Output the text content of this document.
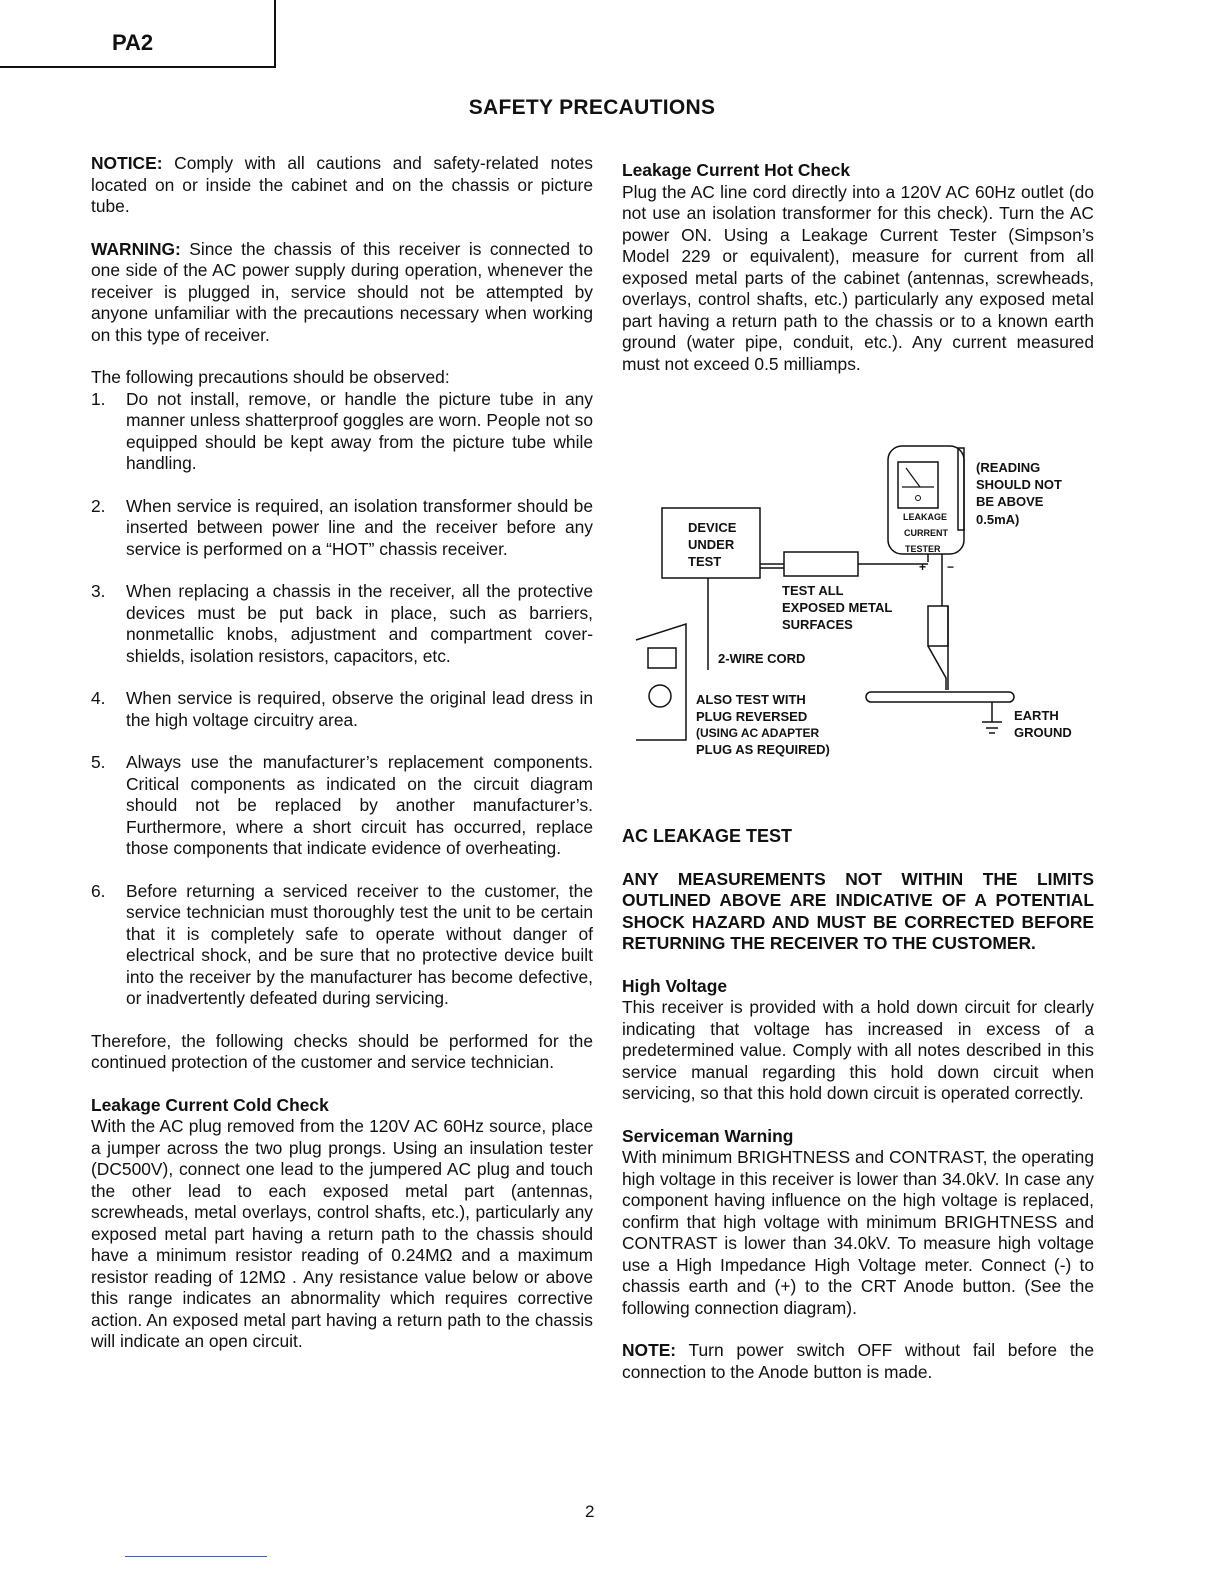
PA2
SAFETY PRECAUTIONS

NOTICE: Comply with all cautions and safety-related notes located on or inside the cabinet and on the chassis or picture tube.

WARNING: Since the chassis of this receiver is connected to one side of the AC power supply during operation, whenever the receiver is plugged in, service should not be attempted by anyone unfamiliar with the precautions necessary when working on this type of receiver.

The following precautions should be observed:

1. Do not install, remove, or handle the picture tube in any manner unless shatterproof goggles are worn. People not so equipped should be kept away from the picture tube while handling.
2. When service is required, an isolation transformer should be inserted between power line and the receiver before any service is performed on a “HOT” chassis receiver.
3. When replacing a chassis in the receiver, all the protective devices must be put back in place, such as barriers, nonmetallic knobs, adjustment and compartment cover-shields, isolation resistors, capacitors, etc.
4. When service is required, observe the original lead dress in the high voltage circuitry area.
5. Always use the manufacturer’s replacement components. Critical components as indicated on the circuit diagram should not be replaced by another manufacturer’s. Furthermore, where a short circuit has occurred, replace those components that indicate evidence of overheating.
6. Before returning a serviced receiver to the customer, the service technician must thoroughly test the unit to be certain that it is completely safe to operate without danger of electrical shock, and be sure that no protective device built into the receiver by the manufacturer has become defective, or inadvertently defeated during servicing.

Therefore, the following checks should be performed for the continued protection of the customer and service technician.

Leakage Current Cold Check

With the AC plug removed from the 120V AC 60Hz source, place a jumper across the two plug prongs. Using an insulation tester (DC500V), connect one lead to the jumpered AC plug and touch the other lead to each exposed metal part (antennas, screwheads, metal overlays, control shafts, etc.), particularly any exposed metal part having a return path to the chassis should have a minimum resistor reading of 0.24MΩ and a maximum resistor reading of 12MΩ . Any resistance value below or above this range indicates an abnormality which requires corrective action. An exposed metal part having a return path to the chassis will indicate an open circuit.

Leakage Current Hot Check

Plug the AC line cord directly into a 120V AC 60Hz outlet (do not use an isolation transformer for this check). Turn the AC power ON. Using a Leakage Current Tester (Simpson’s Model 229 or equivalent), measure for current from all exposed metal parts of the cabinet (antennas, screwheads, overlays, control shafts, etc.) particularly any exposed metal part having a return path to the chassis or to a known earth ground (water pipe, conduit, etc.). Any current measured must not exceed 0.5 milliamps.

LEAKAGE
CURRENT
TESTER
+ −
(READING
SHOULD NOT
BE ABOVE
0.5mA)
DEVICE
UNDER
TEST
TEST ALL
EXPOSED METAL
SURFACES
EARTH
GROUND
2-WIRE CORD
ALSO TEST WITH
PLUG REVERSED
(USING AC ADAPTER
PLUG AS REQUIRED)
AC LEAKAGE TEST

ANY MEASUREMENTS NOT WITHIN THE LIMITS OUTLINED ABOVE ARE INDICATIVE OF A POTENTIAL SHOCK HAZARD AND MUST BE CORRECTED BEFORE RETURNING THE RECEIVER TO THE CUSTOMER.

High Voltage

This receiver is provided with a hold down circuit for clearly indicating that voltage has increased in excess of a predetermined value. Comply with all notes described in this service manual regarding this hold down circuit when servicing, so that this hold down circuit is operated correctly.

Serviceman Warning

With minimum BRIGHTNESS and CONTRAST, the operating high voltage in this receiver is lower than 34.0kV. In case any component having influence on the high voltage is replaced, confirm that high voltage with minimum BRIGHTNESS and CONTRAST is lower than 34.0kV. To measure high voltage use a High Impedance High Voltage meter. Connect (-) to chassis earth and (+) to the CRT Anode button. (See the following connection diagram).

NOTE: Turn power switch OFF without fail before the connection to the Anode button is made.

2
